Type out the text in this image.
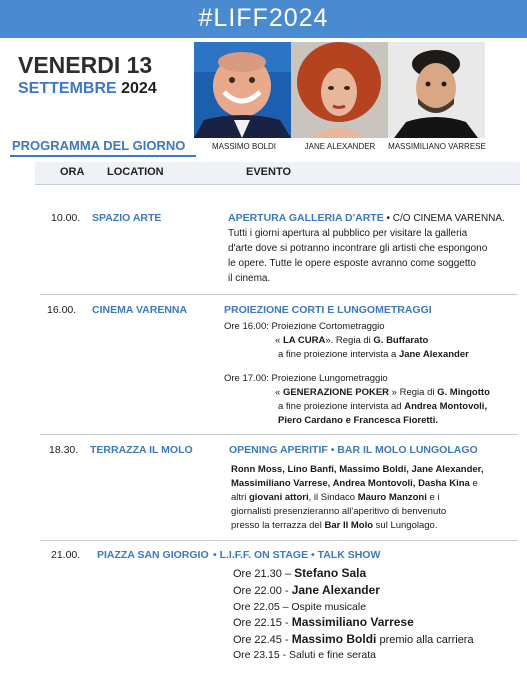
#LIFF2024
VENERDI 13
SETTEMBRE 2024
MASSIMO BOLDI	JANE ALEXANDER	MASSIMILIANO VARRESE
PROGRAMMA DEL GIORNO
ORA LOCATION	EVENTO
10.00. SPAZIO ARTE	APERTURA GALLERIA D'ARTE • C/O CINEMA VARENNA.
Tutti i giorni apertura al pubblico per visitare la galleria
d'arte dove si potranno incontrare gli artisti che espongono
le opere. Tutte le opere esposte avranno come soggetto
il cinema.
16.00. CINEMA VARENNA	PROIEZIONE CORTI E LUNGOMETRAGGI
Ore 16.00: Proiezione Cortometraggio
« LA CURA». Regia di G. Buffarato
a fine proiezione intervista a Jane Alexander
Ore 17.00: Proiezione Lungometraggio
« GENERAZIONE POKER » Regia di G. Mingotto
a fine proiezione intervista ad Andrea Montovoli,
Piero Cardano e Francesca Fioretti.
18.30. TERRAZZA IL MOLO	OPENING APERITIF • BAR IL MOLO LUNGOLAGO
Ronn Moss, Lino Banfi, Massimo Boldi, Jane Alexander,
Massimiliano Varrese, Andrea Montovoli, Dasha Kina e
altri giovani attori, il Sindaco Mauro Manzoni e i
giornalisti presenzieranno all'aperitivo di benvenuto
presso la terrazza del Bar Il Molo sul Lungolago.
21.00. PIAZZA SAN GIORGIO • L.I.F.F. ON STAGE • TALK SHOW
Ore 21.30 – Stefano Sala
Ore 22.00 - Jane Alexander
Ore 22.05 – Ospite musicale
Ore 22.15 - Massimiliano Varrese
Ore 22.45 - Massimo Boldi premio alla carriera
Ore 23.15 - Saluti e fine serata
